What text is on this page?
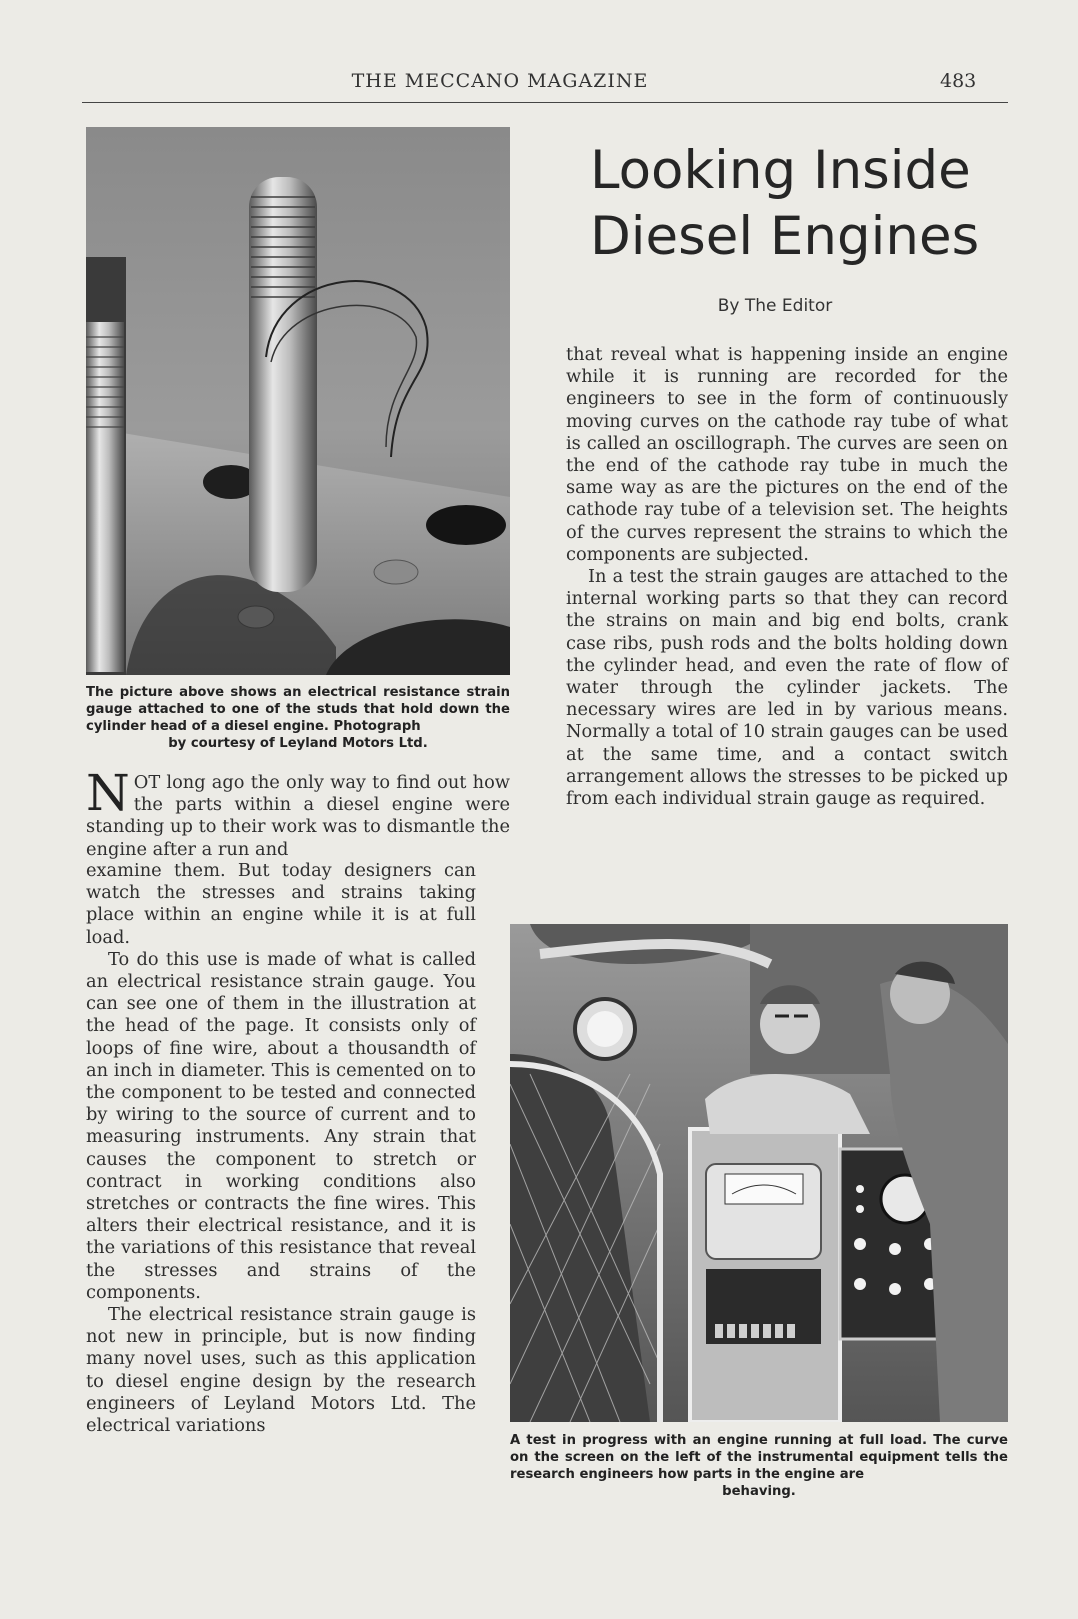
THE MECCANO MAGAZINE	483
The picture above shows an electrical resistance strain gauge attached to one of the studs that hold down the cylinder head of a diesel engine. Photograph
by courtesy of Leyland Motors Ltd.
Looking Inside Diesel Engines
By The Editor

N OT long ago the only way to find out how the parts within a diesel engine were standing up to their work was to dismantle the engine after a run and

examine them. But today designers can watch the stresses and strains taking place within an engine while it is at full load.

To do this use is made of what is called an electrical resistance strain gauge. You can see one of them in the illustration at the head of the page. It consists only of loops of fine wire, about a thousandth of an inch in diameter. This is cemented on to the component to be tested and connected by wiring to the source of current and to measuring instruments. Any strain that causes the component to stretch or contract in working conditions also stretches or contracts the fine wires. This alters their electrical resistance, and it is the variations of this resistance that reveal the stresses and strains of the components.

The electrical resistance strain gauge is not new in principle, but is now finding many novel uses, such as this application to diesel engine design by the research engineers of Leyland Motors Ltd. The electrical variations

that reveal what is happening inside an engine while it is running are recorded for the engineers to see in the form of continuously moving curves on the cathode ray tube of what is called an oscillograph. The curves are seen on the end of the cathode ray tube in much the same way as are the pictures on the end of the cathode ray tube of a television set. The heights of the curves represent the strains to which the components are subjected.

In a test the strain gauges are attached to the internal working parts so that they can record the strains on main and big end bolts, crank case ribs, push rods and the bolts holding down the cylinder head, and even the rate of flow of water through the cylinder jackets. The necessary wires are led in by various means. Normally a total of 10 strain gauges can be used at the same time, and a contact switch arrangement allows the stresses to be picked up from each individual strain gauge as required.

A test in progress with an engine running at full load. The curve on the screen on the left of the instrumental equipment tells the research engineers how parts in the engine are
behaving.
